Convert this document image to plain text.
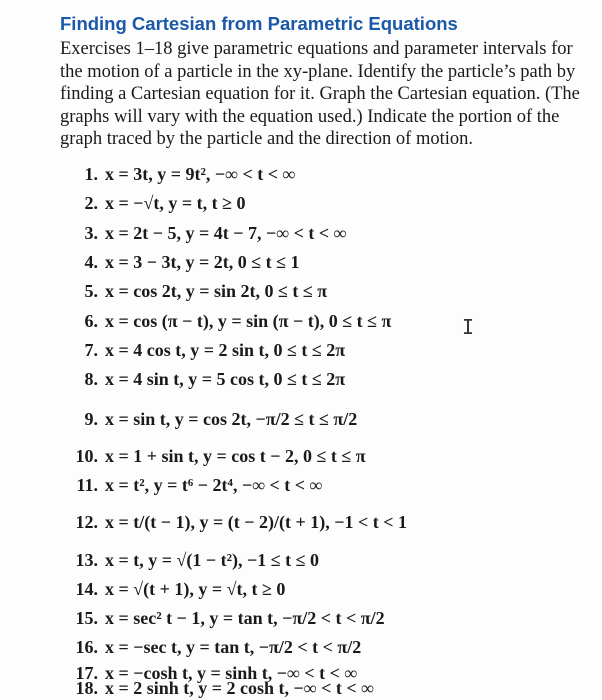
Finding Cartesian from Parametric Equations
Exercises 1–18 give parametric equations and parameter intervals for the motion of a particle in the xy-plane. Identify the particle’s path by finding a Cartesian equation for it. Graph the Cartesian equation. (The graphs will vary with the equation used.) Indicate the portion of the graph traced by the particle and the direction of motion.
1. x = 3t, y = 9t², −∞ < t < ∞
2. x = −√t, y = t, t ≥ 0
3. x = 2t − 5, y = 4t − 7, −∞ < t < ∞
4. x = 3 − 3t, y = 2t, 0 ≤ t ≤ 1
5. x = cos 2t, y = sin 2t, 0 ≤ t ≤ π
6. x = cos (π − t), y = sin (π − t), 0 ≤ t ≤ π
7. x = 4 cos t, y = 2 sin t, 0 ≤ t ≤ 2π
8. x = 4 sin t, y = 5 cos t, 0 ≤ t ≤ 2π
9. x = sin t, y = cos 2t, −π/2 ≤ t ≤ π/2
10. x = 1 + sin t, y = cos t − 2, 0 ≤ t ≤ π
11. x = t², y = t⁶ − 2t⁴, −∞ < t < ∞
12. x = t/(t − 1), y = (t − 2)/(t + 1), −1 < t < 1
13. x = t, y = √(1 − t²), −1 ≤ t ≤ 0
14. x = √(t + 1), y = √t, t ≥ 0
15. x = sec² t − 1, y = tan t, −π/2 < t < π/2
16. x = −sec t, y = tan t, −π/2 < t < π/2
17. x = −cosh t, y = sinh t, −∞ < t < ∞
18. x = 2 sinh t, y = 2 cosh t, −∞ < t < ∞
I
